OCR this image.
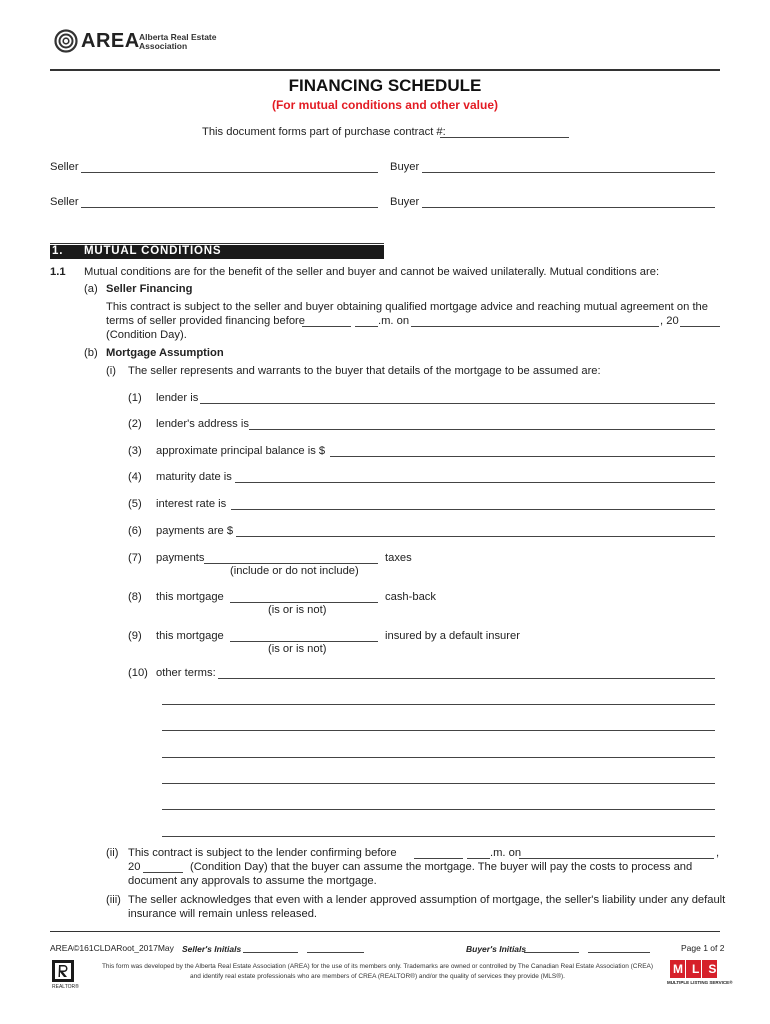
AREA Alberta Real Estate
Association
FINANCING SCHEDULE
(For mutual conditions and other value)
This document forms part of purchase contract #:
Seller	Buyer
Seller	Buyer
1. MUTUAL CONDITIONS
1.1 Mutual conditions are for the benefit of the seller and buyer and cannot be waived unilaterally. Mutual conditions are:
(a) Seller Financing
This contract is subject to the seller and buyer obtaining qualified mortgage advice and reaching mutual agreement on the
terms of seller provided financing before	.m. on	, 20
(Condition Day).
(b) Mortgage Assumption
(i) The seller represents and warrants to the buyer that details of the mortgage to be assumed are:
(1) lender is
(2) lender's address is
(3) approximate principal balance is $
(4) maturity date is
(5) interest rate is
(6) payments are $
(7) payments	taxes
(include or do not include)
(8) this mortgage	cash-back
(is or is not)
(9) this mortgage	insured by a default insurer
(is or is not)
(10) other terms:
(ii) This contract is subject to the lender confirming before	.m. on	,
20	(Condition Day) that the buyer can assume the mortgage. The buyer will pay the costs to process and
document any approvals to assume the mortgage.
(iii) The seller acknowledges that even with a lender approved assumption of mortgage, the seller's liability under any default
insurance will remain unless released.
AREA©161CLDARoot_2017May Seller's Initials	Buyer's Initials	Page 1 of 2
REALTOR®
This form was developed by the Alberta Real Estate Association (AREA) for the use of its members only. Trademarks are owned or controlled by The Canadian Real Estate Association (CREA) and identify real estate professionals who are members of CREA (REALTOR®) and/or the quality of services they provide (MLS®).
MLS
MULTIPLE LISTING SERVICE®
